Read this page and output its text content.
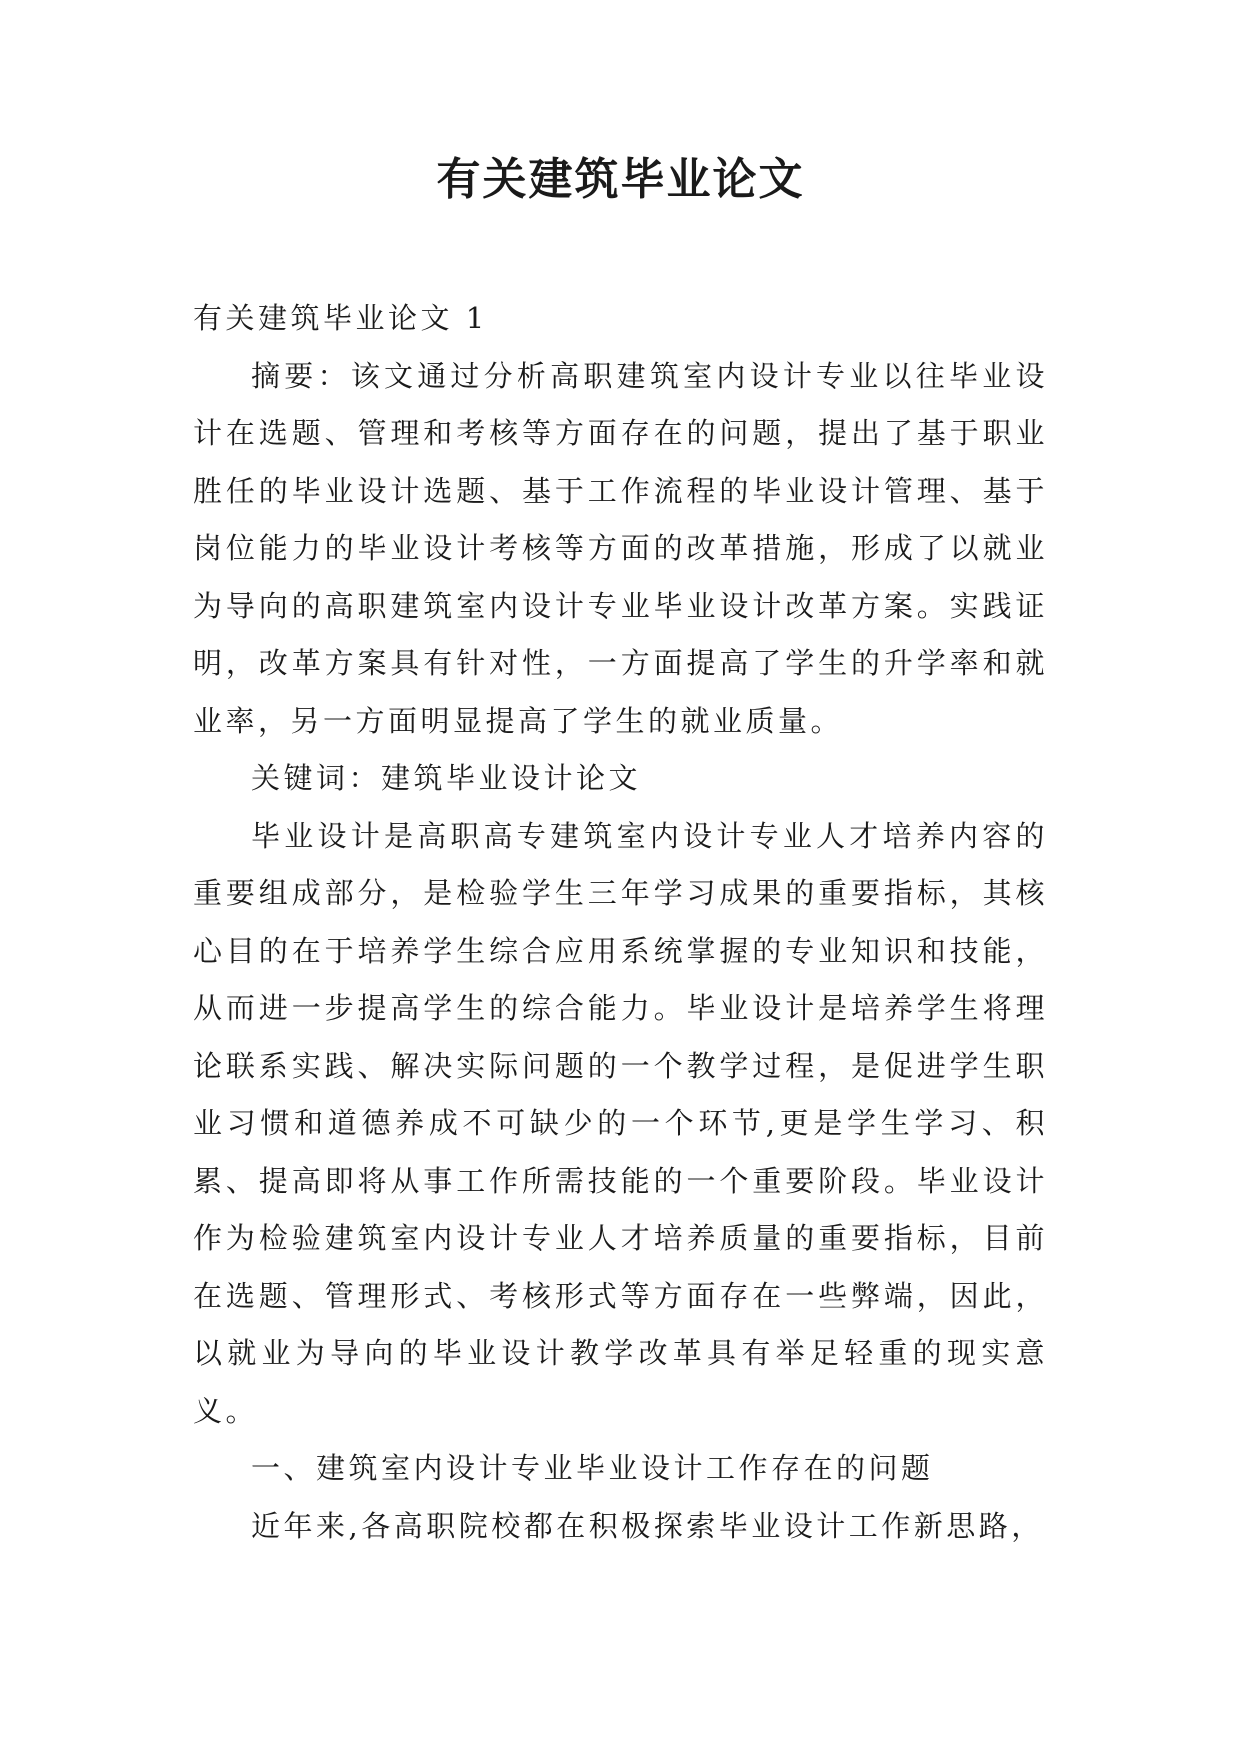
有关建筑毕业论文

有关建筑毕业论文 1

摘要：该文通过分析高职建筑室内设计专业以往毕业设计在选题、管理和考核等方面存在的问题，提出了基于职业胜任的毕业设计选题、基于工作流程的毕业设计管理、基于岗位能力的毕业设计考核等方面的改革措施，形成了以就业为导向的高职建筑室内设计专业毕业设计改革方案。实践证明，改革方案具有针对性，一方面提高了学生的升学率和就业率，另一方面明显提高了学生的就业质量。

关键词：建筑毕业设计论文

毕业设计是高职高专建筑室内设计专业人才培养内容的重要组成部分，是检验学生三年学习成果的重要指标，其核心目的在于培养学生综合应用系统掌握的专业知识和技能，从而进一步提高学生的综合能力。毕业设计是培养学生将理论联系实践、解决实际问题的一个教学过程，是促进学生职业习惯和道德养成不可缺少的一个环节,更是学生学习、积累、提高即将从事工作所需技能的一个重要阶段。毕业设计作为检验建筑室内设计专业人才培养质量的重要指标，目前在选题、管理形式、考核形式等方面存在一些弊端，因此，以就业为导向的毕业设计教学改革具有举足轻重的现实意义。

一、建筑室内设计专业毕业设计工作存在的问题

近年来,各高职院校都在积极探索毕业设计工作新思路，
